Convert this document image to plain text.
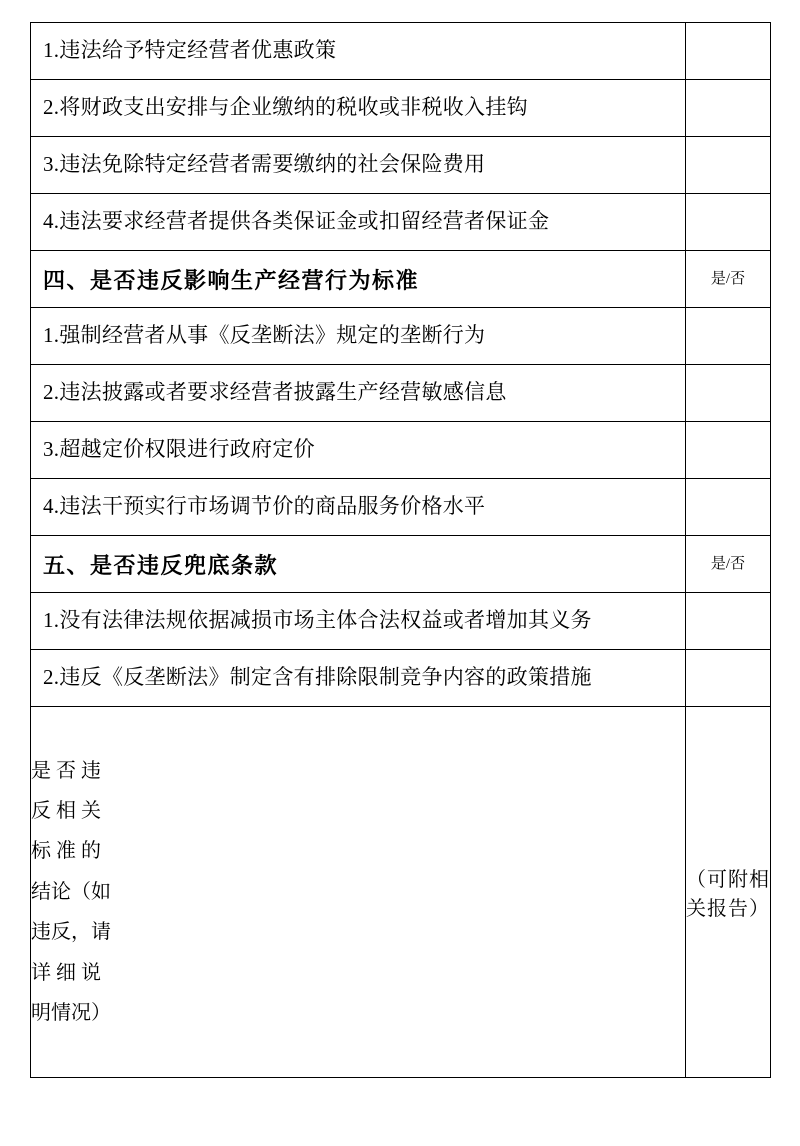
1.违法给予特定经营者优惠政策	
2.将财政支出安排与企业缴纳的税收或非税收入挂钩	
3.违法免除特定经营者需要缴纳的社会保险费用	
4.违法要求经营者提供各类保证金或扣留经营者保证金	
四、是否违反影响生产经营行为标准	是/否
1.强制经营者从事《反垄断法》规定的垄断行为	
2.违法披露或者要求经营者披露生产经营敏感信息	
3.超越定价权限进行政府定价	
4.违法干预实行市场调节价的商品服务价格水平	
五、是否违反兜底条款	是/否
1.没有法律法规依据减损市场主体合法权益或者增加其义务	
2.违反《反垄断法》制定含有排除限制竞争内容的政策措施	

是 否 违
反 相 关
标 准 的
结论（如
违反，请
详 细 说
明情况）
	（可附相关报告）
